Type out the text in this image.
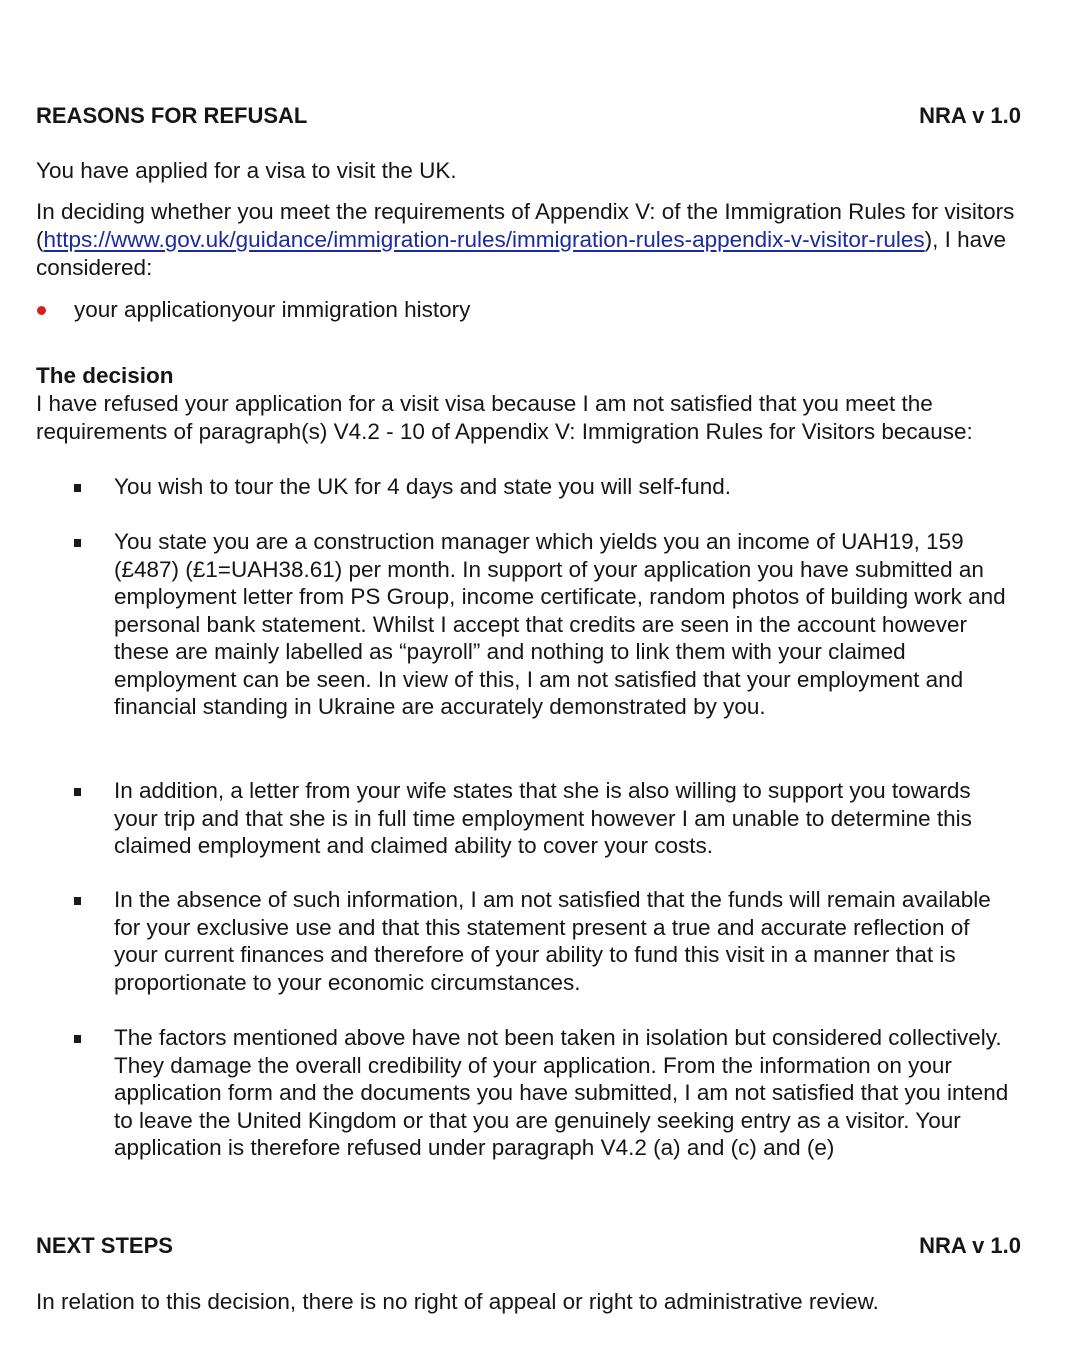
REASONS FOR REFUSAL	NRA v 1.0

You have applied for a visa to visit the UK.

In deciding whether you meet the requirements of Appendix V: of the Immigration Rules for visitors (https://www.gov.uk/guidance/immigration-rules/immigration-rules-appendix-v-visitor-rules), I have considered:

your applicationyour immigration history
The decision

I have refused your application for a visit visa because I am not satisfied that you meet the requirements of paragraph(s) V4.2 - 10 of Appendix V: Immigration Rules for Visitors because:

You wish to tour the UK for 4 days and state you will self-fund.
You state you are a construction manager which yields you an income of UAH19, 159 (£487) (£1=UAH38.61) per month. In support of your application you have submitted an employment letter from PS Group, income certificate, random photos of building work and personal bank statement. Whilst I accept that credits are seen in the account however these are mainly labelled as “payroll” and nothing to link them with your claimed employment can be seen. In view of this, I am not satisfied that your employment and financial standing in Ukraine are accurately demonstrated by you.
In addition, a letter from your wife states that she is also willing to support you towards your trip and that she is in full time employment however I am unable to determine this claimed employment and claimed ability to cover your costs.
In the absence of such information, I am not satisfied that the funds will remain available for your exclusive use and that this statement present a true and accurate reflection of your current finances and therefore of your ability to fund this visit in a manner that is proportionate to your economic circumstances.
The factors mentioned above have not been taken in isolation but considered collectively. They damage the overall credibility of your application. From the information on your application form and the documents you have submitted, I am not satisfied that you intend to leave the United Kingdom or that you are genuinely seeking entry as a visitor. Your application is therefore refused under paragraph V4.2 (a) and (c) and (e)
NEXT STEPS	NRA v 1.0

In relation to this decision, there is no right of appeal or right to administrative review.
